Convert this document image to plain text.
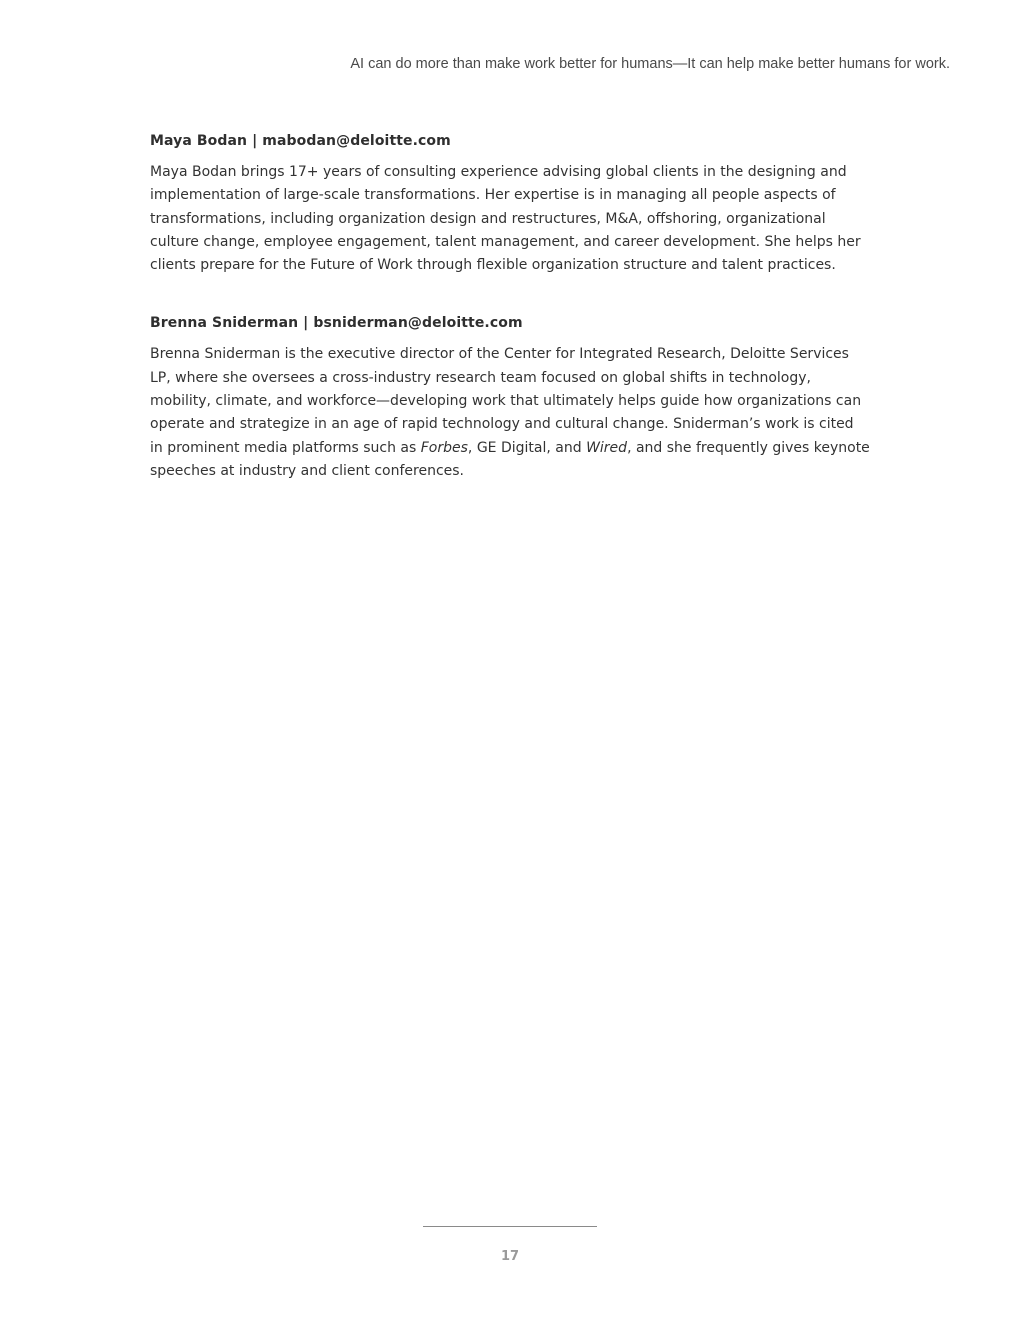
AI can do more than make work better for humans—It can help make better humans for work.

Maya Bodan | mabodan@deloitte.com

Maya Bodan brings 17+ years of consulting experience advising global clients in the designing and implementation of large-scale transformations. Her expertise is in managing all people aspects of transformations, including organization design and restructures, M&A, offshoring, organizational culture change, employee engagement, talent management, and career development. She helps her clients prepare for the Future of Work through flexible organization structure and talent practices.

Brenna Sniderman | bsniderman@deloitte.com

Brenna Sniderman is the executive director of the Center for Integrated Research, Deloitte Services LP, where she oversees a cross-industry research team focused on global shifts in technology, mobility, climate, and workforce—developing work that ultimately helps guide how organizations can operate and strategize in an age of rapid technology and cultural change. Sniderman’s work is cited in prominent media platforms such as Forbes, GE Digital, and Wired, and she frequently gives keynote speeches at industry and client conferences.

17
